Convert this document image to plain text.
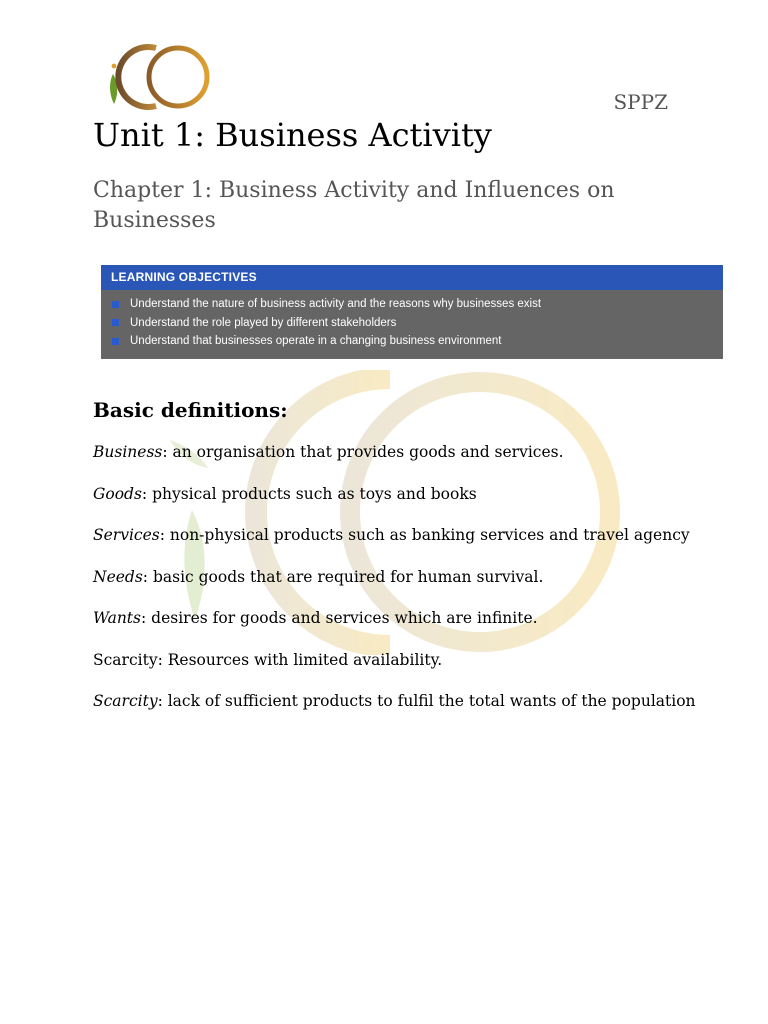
SPPZ
Unit 1: Business Activity
Chapter 1: Business Activity and Influences on Businesses
LEARNING OBJECTIVES
Understand the nature of business activity and the reasons why businesses exist
Understand the role played by different stakeholders
Understand that businesses operate in a changing business environment
Basic definitions:
Business: an organisation that provides goods and services.
Goods: physical products such as toys and books
Services: non-physical products such as banking services and travel agency
Needs: basic goods that are required for human survival.
Wants: desires for goods and services which are infinite.
Scarcity: Resources with limited availability.
Scarcity: lack of sufficient products to fulfil the total wants of the population
